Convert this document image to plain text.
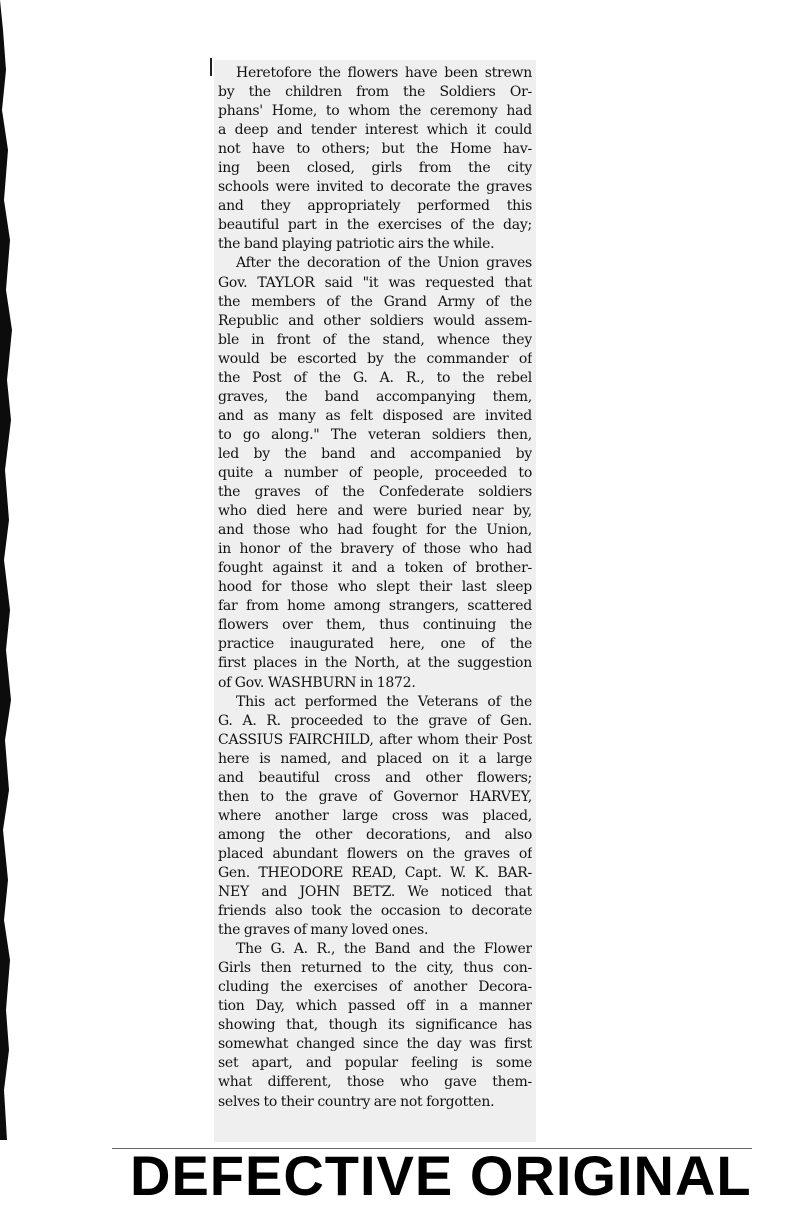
Heretofore the flowers have been strewn
by the children from the Soldiers Or-
phans' Home, to whom the ceremony had
a deep and tender interest which it could
not have to others; but the Home hav-
ing been closed, girls from the city
schools were invited to decorate the graves
and they appropriately performed this
beautiful part in the exercises of the day;
the band playing patriotic airs the while.
After the decoration of the Union graves
Gov. TAYLOR said "it was requested that
the members of the Grand Army of the
Republic and other soldiers would assem-
ble in front of the stand, whence they
would be escorted by the commander of
the Post of the G. A. R., to the rebel
graves, the band accompanying them,
and as many as felt disposed are invited
to go along." The veteran soldiers then,
led by the band and accompanied by
quite a number of people, proceeded to
the graves of the Confederate soldiers
who died here and were buried near by,
and those who had fought for the Union,
in honor of the bravery of those who had
fought against it and a token of brother-
hood for those who slept their last sleep
far from home among strangers, scattered
flowers over them, thus continuing the
practice inaugurated here, one of the
first places in the North, at the suggestion
of Gov. WASHBURN in 1872.
This act performed the Veterans of the
G. A. R. proceeded to the grave of Gen.
CASSIUS FAIRCHILD, after whom their Post
here is named, and placed on it a large
and beautiful cross and other flowers;
then to the grave of Governor HARVEY,
where another large cross was placed,
among the other decorations, and also
placed abundant flowers on the graves of
Gen. THEODORE READ, Capt. W. K. BAR-
NEY and JOHN BETZ. We noticed that
friends also took the occasion to decorate
the graves of many loved ones.
The G. A. R., the Band and the Flower
Girls then returned to the city, thus con-
cluding the exercises of another Decora-
tion Day, which passed off in a manner
showing that, though its significance has
somewhat changed since the day was first
set apart, and popular feeling is some
what different, those who gave them-
selves to their country are not forgotten.
DEFECTIVE ORIGINAL
